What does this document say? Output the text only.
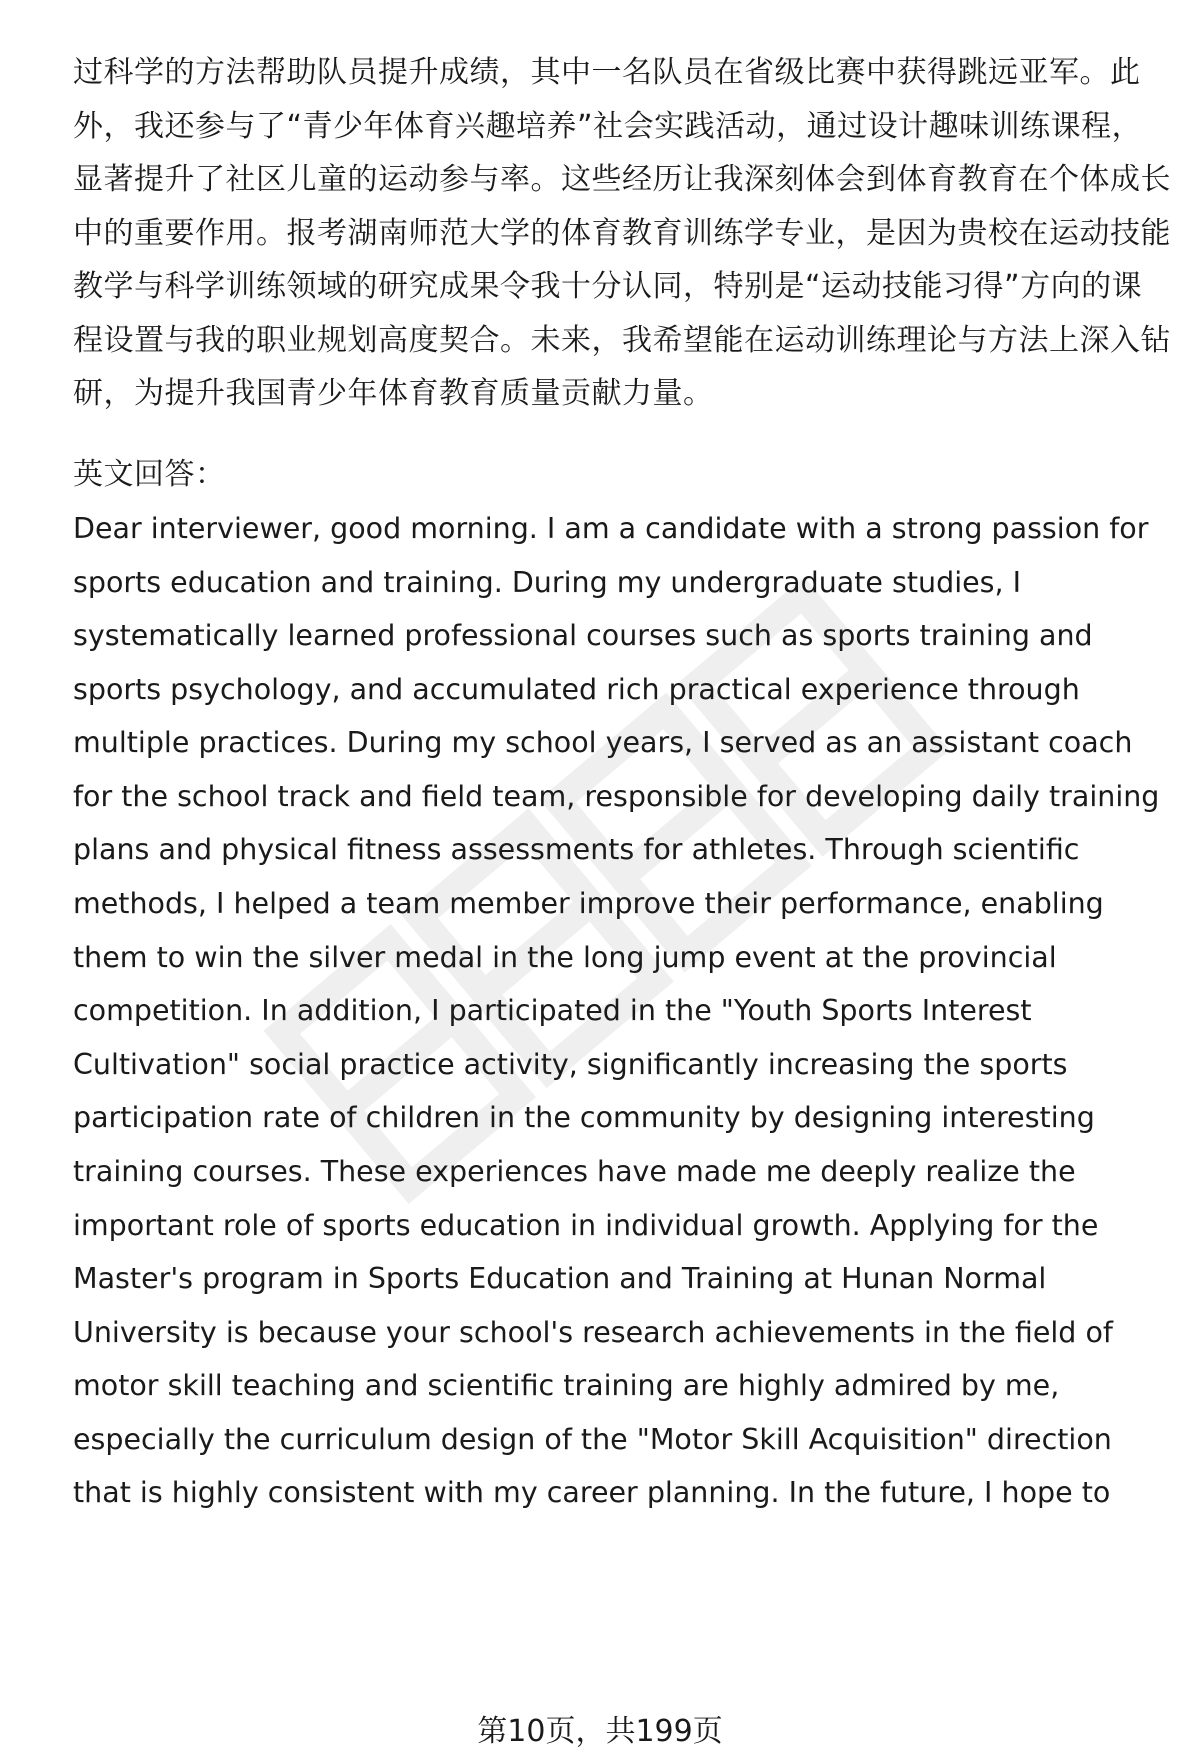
过科学的方法帮助队员提升成绩，其中一名队员在省级比赛中获得跳远亚军。此
外，我还参与了“青少年体育兴趣培养”社会实践活动，通过设计趣味训练课程，
显著提升了社区儿童的运动参与率。这些经历让我深刻体会到体育教育在个体成长
中的重要作用。报考湖南师范大学的体育教育训练学专业，是因为贵校在运动技能
教学与科学训练领域的研究成果令我十分认同，特别是“运动技能习得”方向的课
程设置与我的职业规划高度契合。未来，我希望能在运动训练理论与方法上深入钻
研，为提升我国青少年体育教育质量贡献力量。
英文回答：
Dear interviewer, good morning. I am a candidate with a strong passion for
sports education and training. During my undergraduate studies, I
systematically learned professional courses such as sports training and
sports psychology, and accumulated rich practical experience through
multiple practices. During my school years, I served as an assistant coach
for the school track and field team, responsible for developing daily training
plans and physical fitness assessments for athletes. Through scientific
methods, I helped a team member improve their performance, enabling
them to win the silver medal in the long jump event at the provincial
competition. In addition, I participated in the "Youth Sports Interest
Cultivation" social practice activity, significantly increasing the sports
participation rate of children in the community by designing interesting
training courses. These experiences have made me deeply realize the
important role of sports education in individual growth. Applying for the
Master's program in Sports Education and Training at Hunan Normal
University is because your school's research achievements in the field of
motor skill teaching and scientific training are highly admired by me,
especially the curriculum design of the "Motor Skill Acquisition" direction
that is highly consistent with my career planning. In the future, I hope to
第10页，共199页
